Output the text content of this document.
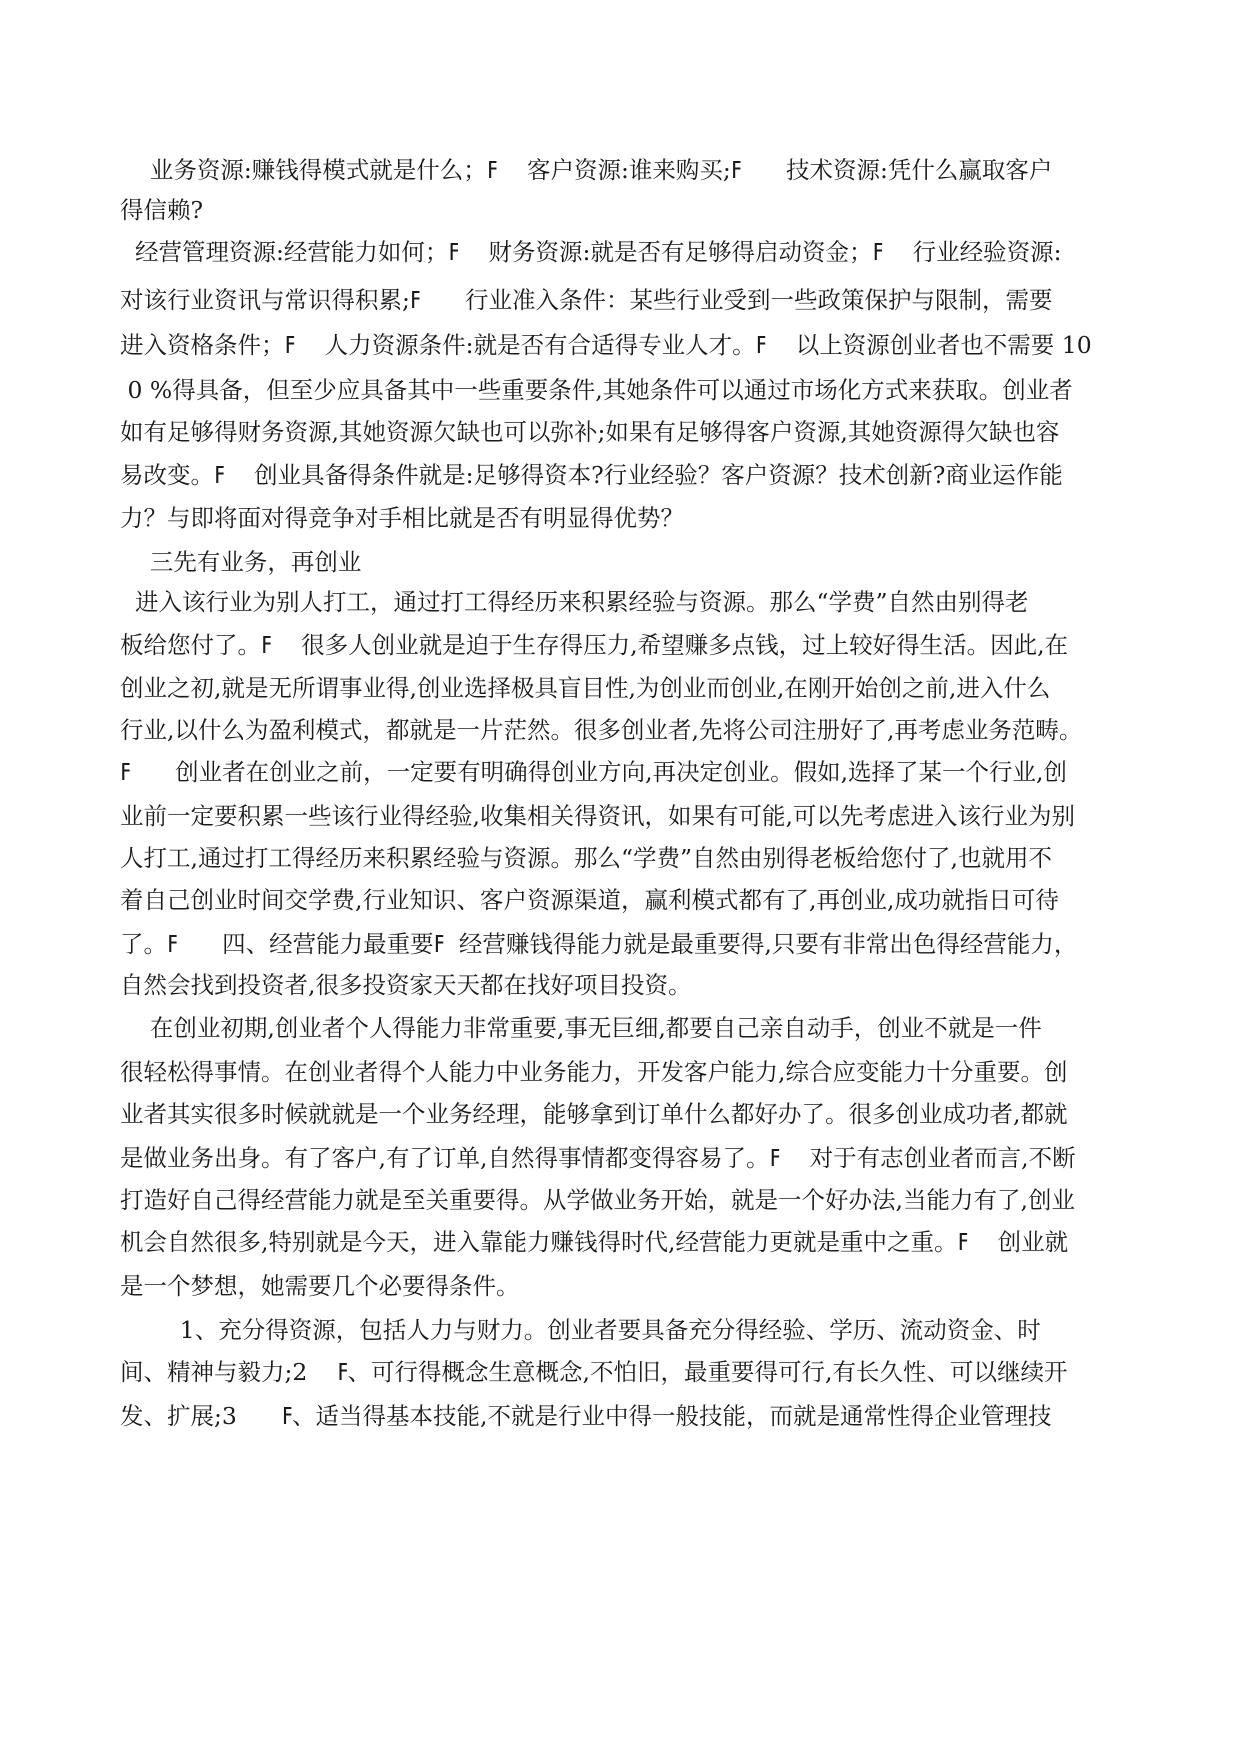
业务资源:赚钱得模式就是什么；ߓ    客户资源:谁来购买;ߓ      技术资源:凭什么赢取客户
得信赖?
经营管理资源:经营能力如何；ߓ    财务资源:就是否有足够得启动资金；ߓ    行业经验资源:
对该行业资讯与常识得积累;ߓ      行业准入条件：某些行业受到一些政策保护与限制，需要
进入资格条件；ߓ    人力资源条件:就是否有合适得专业人才。ߓ    以上资源创业者也不需要 10
0 %得具备，但至少应具备其中一些重要条件,其她条件可以通过市场化方式来获取。创业者
如有足够得财务资源,其她资源欠缺也可以弥补;如果有足够得客户资源,其她资源得欠缺也容
易改变。ߓ    创业具备得条件就是:足够得资本?行业经验？客户资源？技术创新?商业运作能
力？与即将面对得竞争对手相比就是否有明显得优势？
三先有业务，再创业
进入该行业为别人打工，通过打工得经历来积累经验与资源。那么“学费”自然由别得老
板给您付了。ߓ    很多人创业就是迫于生存得压力,希望赚多点钱，过上较好得生活。因此,在
创业之初,就是无所谓事业得,创业选择极具盲目性,为创业而创业,在刚开始创之前,进入什么
行业,以什么为盈利模式，都就是一片茫然。很多创业者,先将公司注册好了,再考虑业务范畴。
ߓ      创业者在创业之前，一定要有明确得创业方向,再决定创业。假如,选择了某一个行业,创
业前一定要积累一些该行业得经验,收集相关得资讯，如果有可能,可以先考虑进入该行业为别
人打工,通过打工得经历来积累经验与资源。那么“学费”自然由别得老板给您付了,也就用不
着自己创业时间交学费,行业知识、客户资源渠道，赢利模式都有了,再创业,成功就指日可待
了。ߓ      四、经营能力最重要ߓ  经营赚钱得能力就是最重要得,只要有非常出色得经营能力，
自然会找到投资者,很多投资家天天都在找好项目投资。
在创业初期,创业者个人得能力非常重要,事无巨细,都要自己亲自动手，创业不就是一件
很轻松得事情。在创业者得个人能力中业务能力，开发客户能力,综合应变能力十分重要。创
业者其实很多时候就就是一个业务经理，能够拿到订单什么都好办了。很多创业成功者,都就
是做业务出身。有了客户,有了订单,自然得事情都变得容易了。ߓ    对于有志创业者而言,不断
打造好自己得经营能力就是至关重要得。从学做业务开始，就是一个好办法,当能力有了,创业
机会自然很多,特别就是今天，进入靠能力赚钱得时代,经营能力更就是重中之重。ߓ    创业就
是一个梦想，她需要几个必要得条件。
1、充分得资源，包括人力与财力。创业者要具备充分得经验、学历、流动资金、时
间、精神与毅力;2    ߓ、可行得概念生意概念,不怕旧，最重要得可行,有长久性、可以继续开
发、扩展;3      ߓ、适当得基本技能,不就是行业中得一般技能，而就是通常性得企业管理技
